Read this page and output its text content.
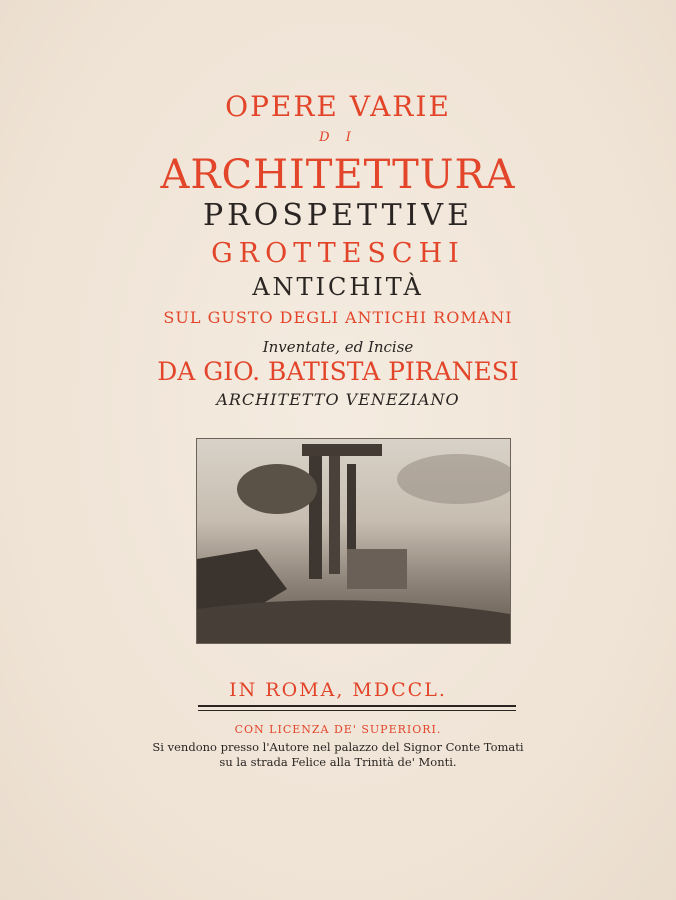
OPERE VARIE
D I
ARCHITETTURA
PROSPETTIVE
GROTTESCHI
ANTICHITÀ
SUL GUSTO DEGLI ANTICHI ROMANI
Inventate, ed Incise
DA GIO. BATISTA PIRANESI
ARCHITETTO VENEZIANO
IN ROMA, MDCCL.
CON LICENZA DE' SUPERIORI.
Si vendono presso l'Autore nel palazzo del Signor Conte Tomati
su la strada Felice alla Trinità de' Monti.
